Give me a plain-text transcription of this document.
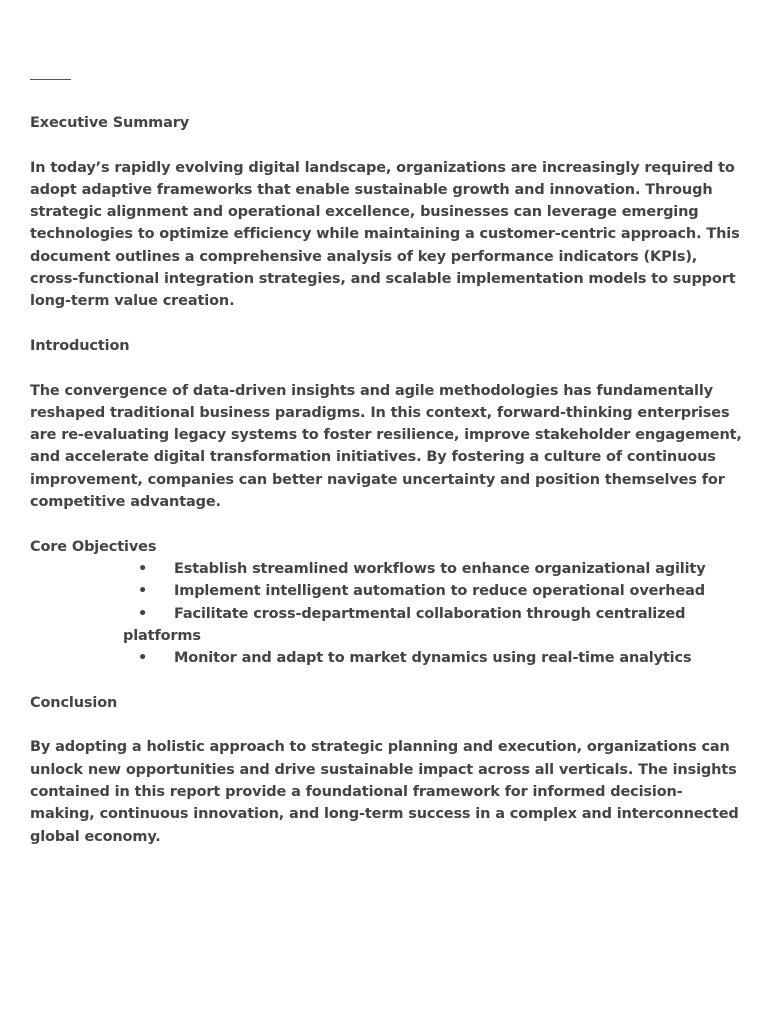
Executive Summary

In today’s rapidly evolving digital landscape, organizations are increasingly required to adopt adaptive frameworks that enable sustainable growth and innovation. Through strategic alignment and operational excellence, businesses can leverage emerging technologies to optimize efficiency while maintaining a customer-centric approach. This document outlines a comprehensive analysis of key performance indicators (KPIs), cross-functional integration strategies, and scalable implementation models to support long-term value creation.

Introduction

The convergence of data-driven insights and agile methodologies has fundamentally reshaped traditional business paradigms. In this context, forward-thinking enterprises are re-evaluating legacy systems to foster resilience, improve stakeholder engagement, and accelerate digital transformation initiatives. By fostering a culture of continuous improvement, companies can better navigate uncertainty and position themselves for competitive advantage.

Core Objectives

• Establish streamlined workflows to enhance organizational agility
• Implement intelligent automation to reduce operational overhead
• Facilitate cross-departmental collaboration through centralized
platforms
• Monitor and adapt to market dynamics using real-time analytics

Conclusion

By adopting a holistic approach to strategic planning and execution, organizations can unlock new opportunities and drive sustainable impact across all verticals. The insights contained in this report provide a foundational framework for informed decision-making, continuous innovation, and long-term success in a complex and interconnected global economy.
